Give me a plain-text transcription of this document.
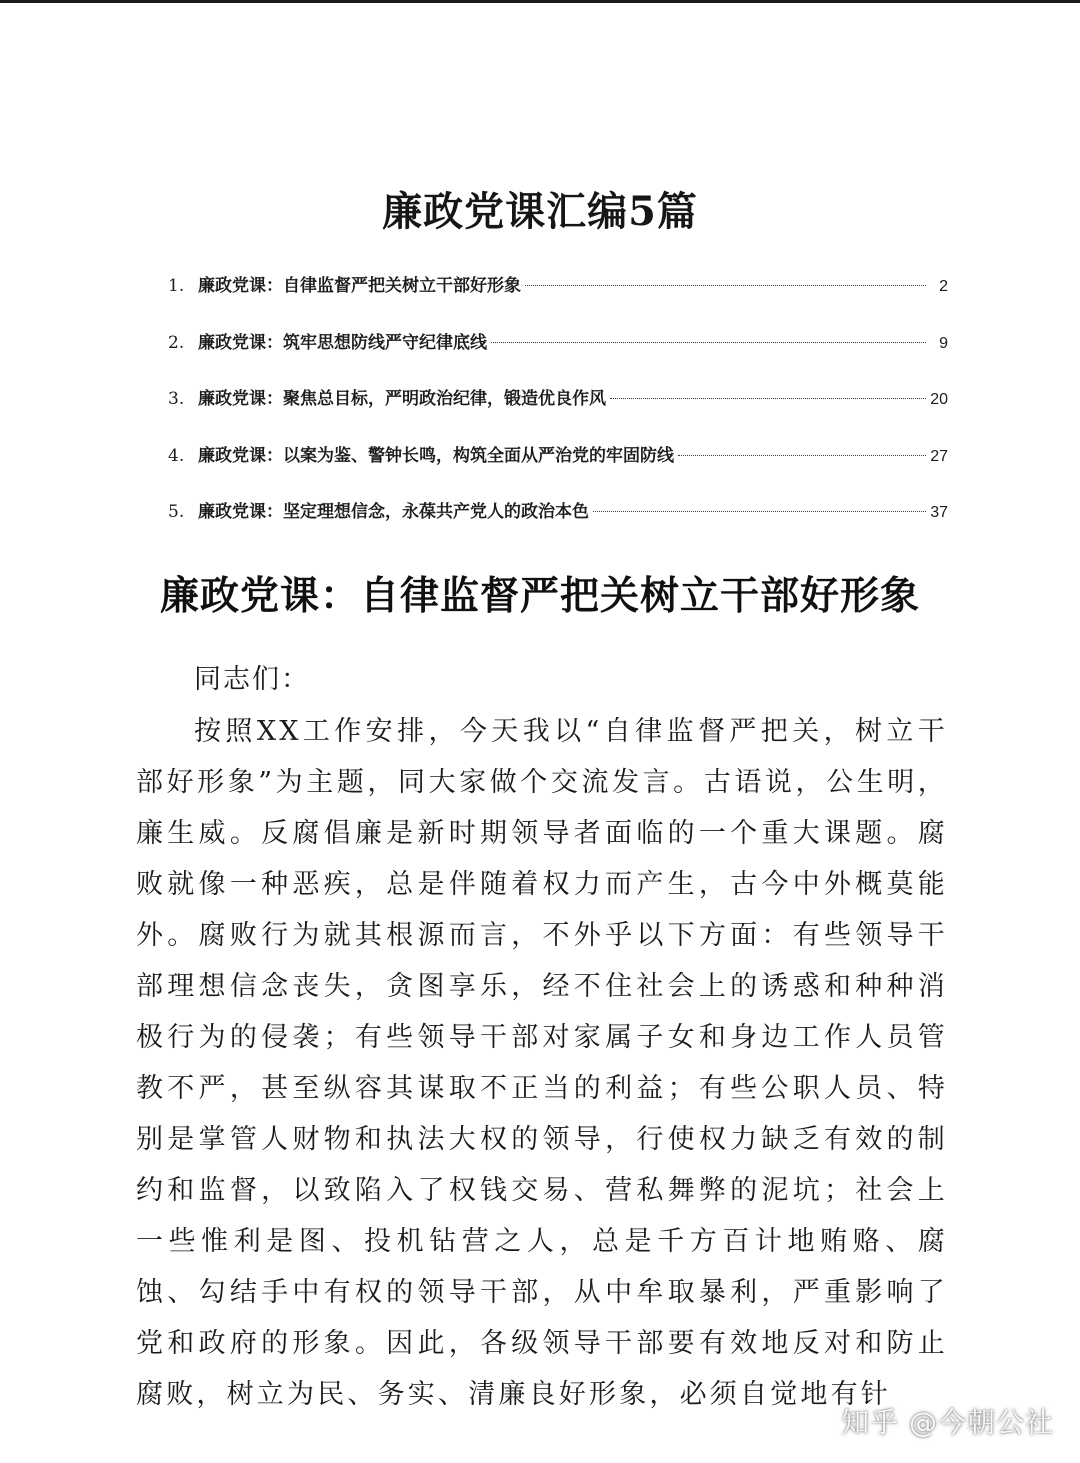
廉政党课汇编5篇
1. 廉政党课：自律监督严把关树立干部好形象	2
2. 廉政党课：筑牢思想防线严守纪律底线	9
3. 廉政党课：聚焦总目标，严明政治纪律，锻造优良作风	20
4. 廉政党课：以案为鉴、警钟长鸣，构筑全面从严治党的牢固防线	27
5. 廉政党课：坚定理想信念，永葆共产党人的政治本色	37
廉政党课：自律监督严把关树立干部好形象
同志们：

按照XX工作安排，今天我以“自律监督严把关，树立干部好形象”为主题，同大家做个交流发言。古语说，公生明，廉生威。反腐倡廉是新时期领导者面临的一个重大课题。腐败就像一种恶疾，总是伴随着权力而产生，古今中外概莫能外。腐败行为就其根源而言，不外乎以下方面：有些领导干部理想信念丧失，贪图享乐，经不住社会上的诱惑和种种消极行为的侵袭；有些领导干部对家属子女和身边工作人员管教不严，甚至纵容其谋取不正当的利益；有些公职人员、特别是掌管人财物和执法大权的领导，行使权力缺乏有效的制约和监督，以致陷入了权钱交易、营私舞弊的泥坑；社会上一些惟利是图、投机钻营之人，总是千方百计地贿赂、腐蚀、勾结手中有权的领导干部，从中牟取暴利，严重影响了党和政府的形象。因此，各级领导干部要有效地反对和防止腐败，树立为民、务实、清廉良好形象，必须自觉地有针

知乎 @今朝公社
